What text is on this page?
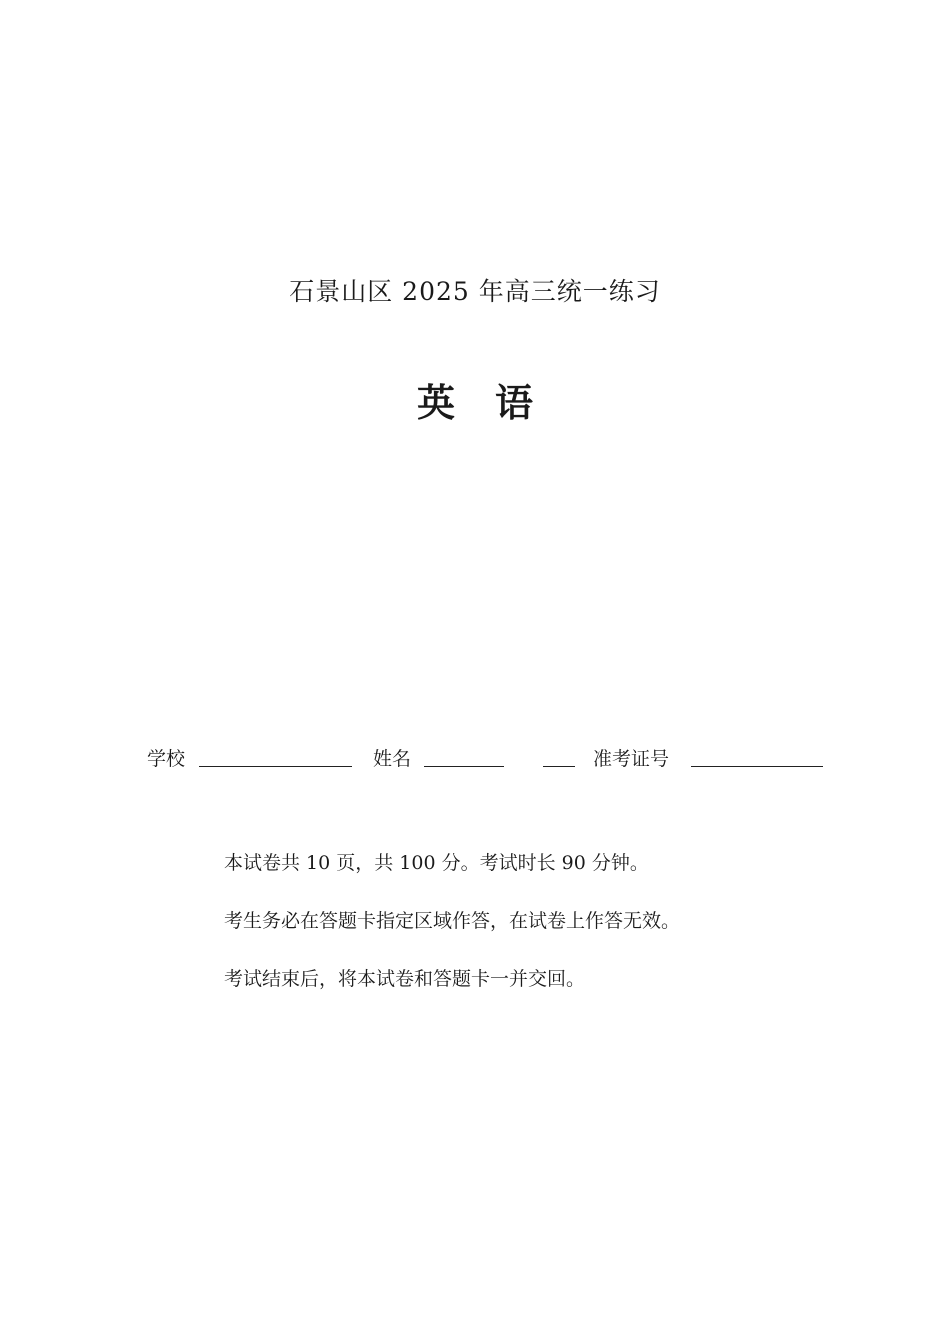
石景山区 2025 年高三统一练习
英 语
学校	姓名	准考证号
本试卷共 10 页，共 100 分。考试时长 90 分钟。
考生务必在答题卡指定区域作答，在试卷上作答无效。
考试结束后，将本试卷和答题卡一并交回。
